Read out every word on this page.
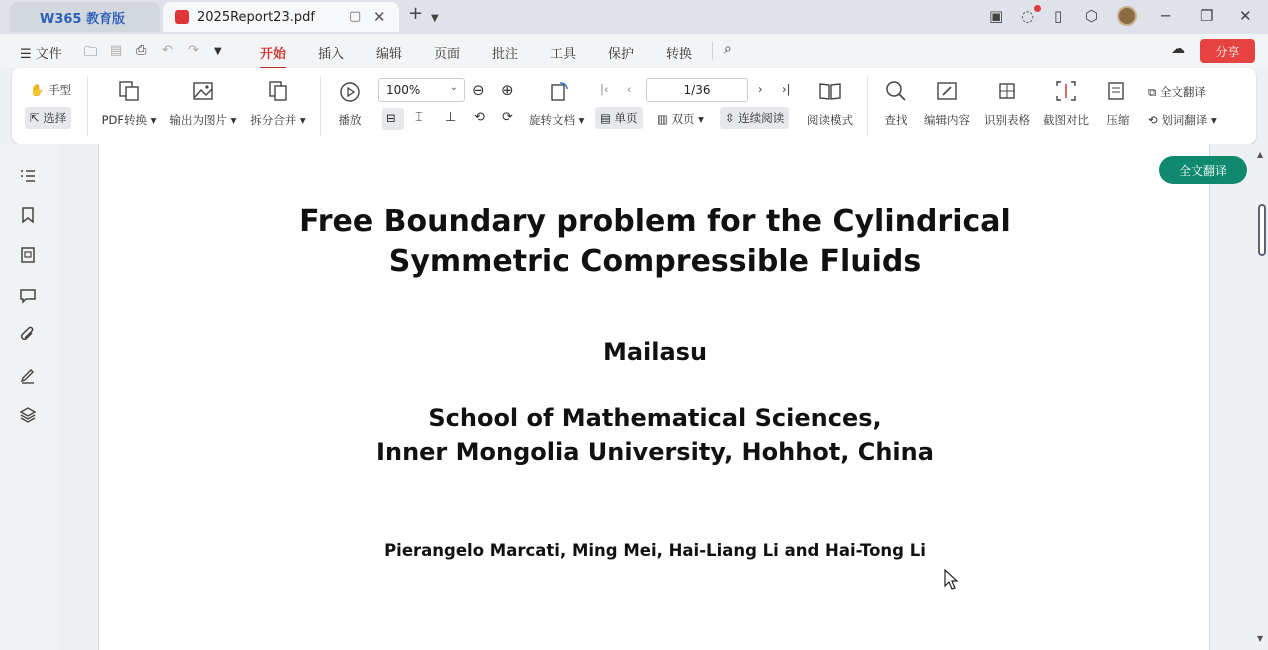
W365 教育版	2025Report23.pdf	▢ ✕ + ▼	▣ ◌ ▯ ⬡	─ ❐ ✕
☰ 文件 🗀 ▤ ⎙ ↶ ↷ ▼	开始 插入 编辑 页面 批注 工具 保护 转换 ⌕	☁	分享
✋ 手型
⇱ 选择	PDF转换 ▾ 输出为图片 ▾ 拆分合并 ▾	播放
100%	⌄ ⊖ ⊕
⊟	⌶ ⊥ ⟲ ⟳ 旋转文档 ▾
|‹ ‹	1/36	› ›|
▤ 单页	▥ 双页 ▾	⇳ 连续阅读	阅读模式	查找 编辑内容 识别表格 截图对比 压缩
⧉ 全文翻译
⟲ 划词翻译 ▾
Free Boundary problem for the Cylindrical
Symmetric Compressible Fluids
Mailasu
School of Mathematical Sciences,
Inner Mongolia University, Hohhot, China
Pierangelo Marcati, Ming Mei, Hai-Liang Li and Hai-Tong Li
全文翻译
▲
▼
